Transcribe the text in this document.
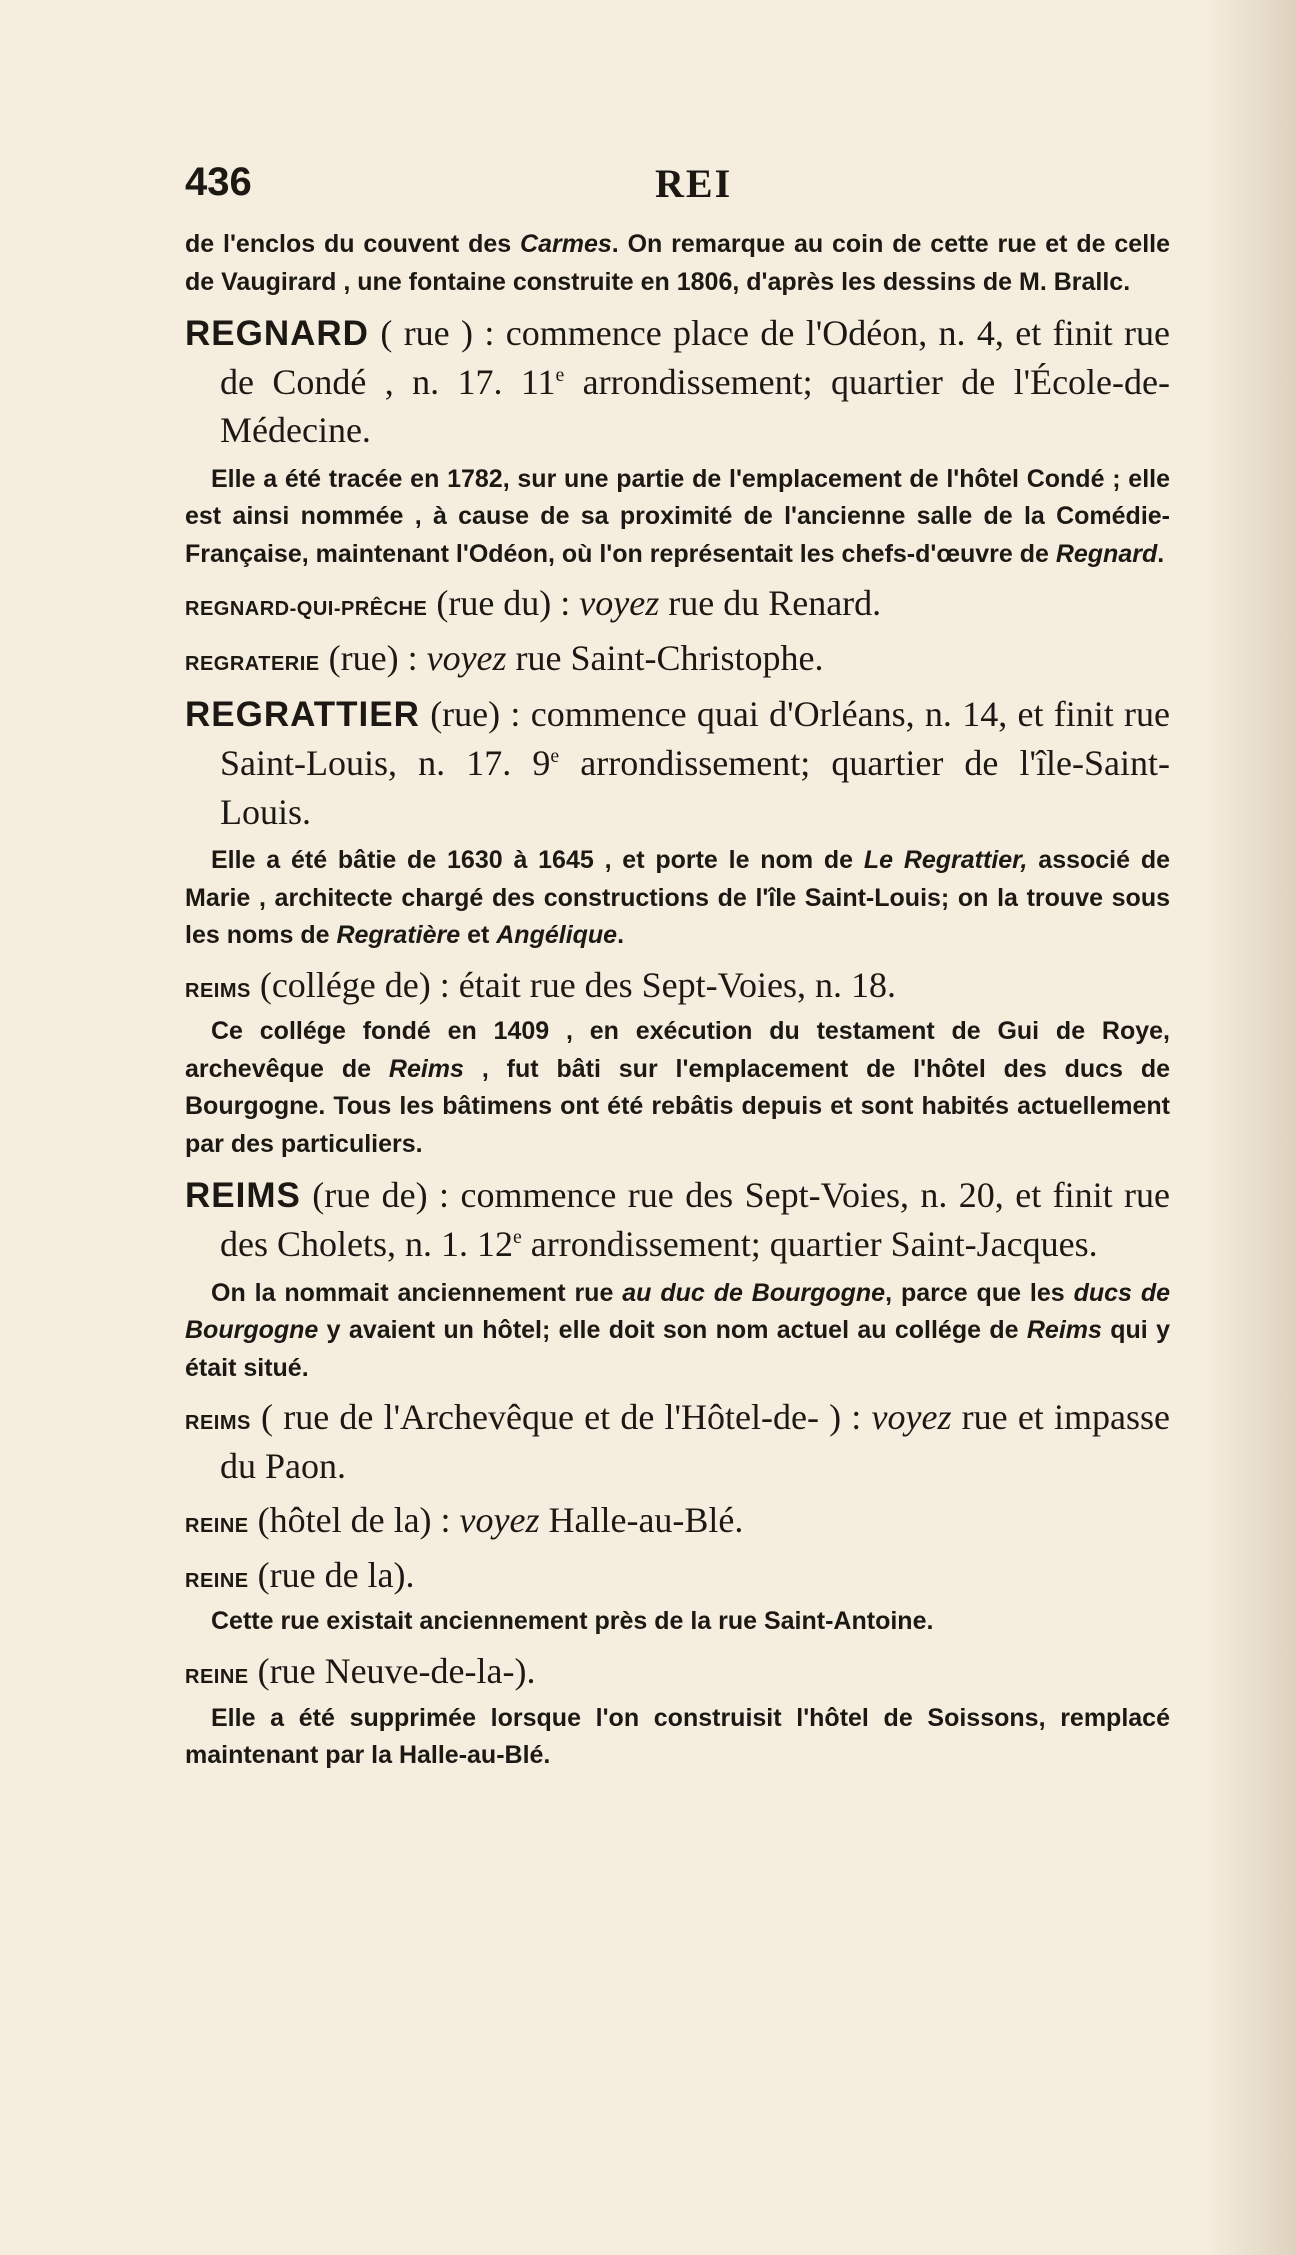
436	REI

de l'enclos du couvent des Carmes. On remarque au coin de cette rue et de celle de Vaugirard , une fontaine construite en 1806, d'après les dessins de M. Brallc.

REGNARD ( rue ) : commence place de l'Odéon, n. 4, et finit rue de Condé , n. 17. 11e arrondissement; quartier de l'École-de-Médecine.

Elle a été tracée en 1782, sur une partie de l'emplacement de l'hôtel Condé ; elle est ainsi nommée , à cause de sa proximité de l'ancienne salle de la Comédie-Française, maintenant l'Odéon, où l'on représentait les chefs-d'œuvre de Regnard.

REGNARD-QUI-PRÊCHE (rue du) : voyez rue du Renard.
REGRATERIE (rue) : voyez rue Saint-Christophe.
REGRATTIER (rue) : commence quai d'Orléans, n. 14, et finit rue Saint-Louis, n. 17. 9e arrondissement; quartier de l'île-Saint-Louis.

Elle a été bâtie de 1630 à 1645 , et porte le nom de Le Regrattier, associé de Marie , architecte chargé des constructions de l'île Saint-Louis; on la trouve sous les noms de Regratière et Angélique.

REIMS (collége de) : était rue des Sept-Voies, n. 18.

Ce collége fondé en 1409 , en exécution du testament de Gui de Roye, archevêque de Reims , fut bâti sur l'emplacement de l'hôtel des ducs de Bourgogne. Tous les bâtimens ont été rebâtis depuis et sont habités actuellement par des particuliers.

REIMS (rue de) : commence rue des Sept-Voies, n. 20, et finit rue des Cholets, n. 1. 12e arrondissement; quartier Saint-Jacques.

On la nommait anciennement rue au duc de Bourgogne, parce que les ducs de Bourgogne y avaient un hôtel; elle doit son nom actuel au collége de Reims qui y était situé.

REIMS ( rue de l'Archevêque et de l'Hôtel-de- ) : voyez rue et impasse du Paon.
REINE (hôtel de la) : voyez Halle-au-Blé.
REINE (rue de la).

Cette rue existait anciennement près de la rue Saint-Antoine.

REINE (rue Neuve-de-la-).

Elle a été supprimée lorsque l'on construisit l'hôtel de Soissons, remplacé maintenant par la Halle-au-Blé.
